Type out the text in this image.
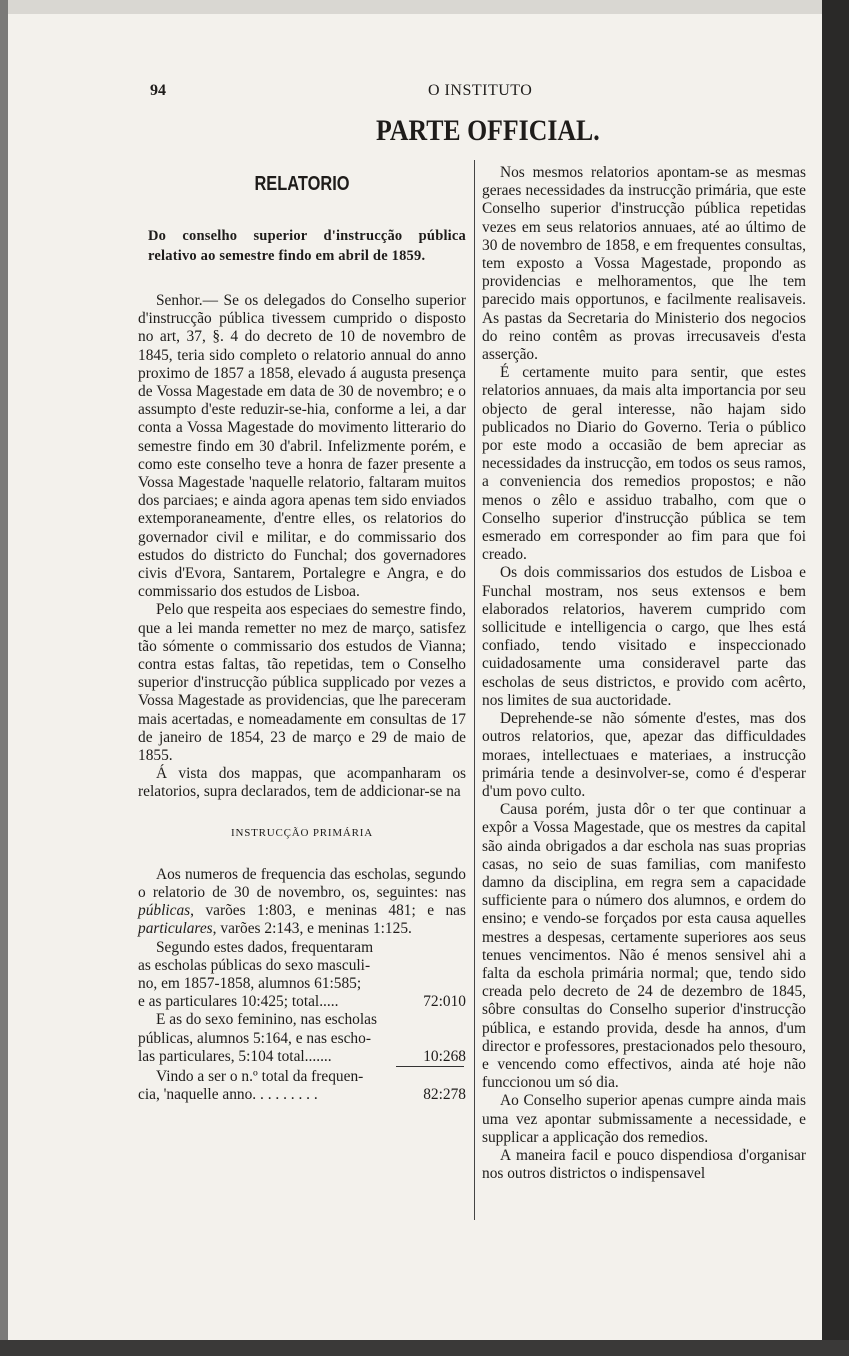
94	O INSTITUTO
PARTE OFFICIAL.
RELATORIO
Do conselho superior d'instrucção pública relativo ao semestre findo em abril de 1859.

Senhor.— Se os delegados do Conselho superior d'instrucção pública tivessem cumprido o disposto no art, 37, §. 4 do decreto de 10 de novembro de 1845, teria sido completo o relatorio annual do anno proximo de 1857 a 1858, elevado á augusta presença de Vossa Magestade em data de 30 de novembro; e o assumpto d'este reduzir-se-hia, conforme a lei, a dar conta a Vossa Magestade do movimento litterario do semestre findo em 30 d'abril. Infelizmente porém, e como este conselho teve a honra de fazer presente a Vossa Magestade 'naquelle relatorio, faltaram muitos dos parciaes; e ainda agora apenas tem sido enviados extemporaneamente, d'entre elles, os relatorios do governador civil e militar, e do commissario dos estudos do districto do Funchal; dos governadores civis d'Evora, Santarem, Portalegre e Angra, e do commissario dos estudos de Lisboa.

Pelo que respeita aos especiaes do semestre findo, que a lei manda remetter no mez de março, satisfez tão sómente o commissario dos estudos de Vianna; contra estas faltas, tão repetidas, tem o Conselho superior d'instrucção pública supplicado por vezes a Vossa Magestade as providencias, que lhe pareceram mais acertadas, e nomeadamente em consultas de 17 de janeiro de 1854, 23 de março e 29 de maio de 1855.

Á vista dos mappas, que acompanharam os relatorios, supra declarados, tem de addicionar-se na

INSTRUCÇÃO PRIMÁRIA

Aos numeros de frequencia das escholas, segundo o relatorio de 30 de novembro, os, seguintes: nas públicas, varões 1:803, e meninas 481; e nas particulares, varões 2:143, e meninas 1:125.

Segundo estes dados, frequentaram
as escholas públicas do sexo masculi-
no, em 1857-1858, alumnos 61:585;
e as particulares 10:425; total.....	72:010
E as do sexo feminino, nas escholas
públicas, alumnos 5:164, e nas escho-
las particulares, 5:104 total.......	10:268
Vindo a ser o n.º total da frequen-
cia, 'naquelle anno. . . . . . . . .	82:278

Nos mesmos relatorios apontam-se as mesmas geraes necessidades da instrucção primária, que este Conselho superior d'instrucção pública repetidas vezes em seus relatorios annuaes, até ao último de 30 de novembro de 1858, e em frequentes consultas, tem exposto a Vossa Magestade, propondo as providencias e melhoramentos, que lhe tem parecido mais opportunos, e facilmente realisaveis. As pastas da Secretaria do Ministerio dos negocios do reino contêm as provas irrecusaveis d'esta asserção.

É certamente muito para sentir, que estes relatorios annuaes, da mais alta importancia por seu objecto de geral interesse, não hajam sido publicados no Diario do Governo. Teria o público por este modo a occasião de bem apreciar as necessidades da instrucção, em todos os seus ramos, a conveniencia dos remedios propostos; e não menos o zêlo e assiduo trabalho, com que o Conselho superior d'instrucção pública se tem esmerado em corresponder ao fim para que foi creado.

Os dois commissarios dos estudos de Lisboa e Funchal mostram, nos seus extensos e bem elaborados relatorios, haverem cumprido com sollicitude e intelligencia o cargo, que lhes está confiado, tendo visitado e inspeccionado cuidadosamente uma consideravel parte das escholas de seus districtos, e provido com acêrto, nos limites de sua auctoridade.

Deprehende-se não sómente d'estes, mas dos outros relatorios, que, apezar das difficuldades moraes, intellectuaes e materiaes, a instrucção primária tende a desinvolver-se, como é d'esperar d'um povo culto.

Causa porém, justa dôr o ter que continuar a expôr a Vossa Magestade, que os mestres da capital são ainda obrigados a dar eschola nas suas proprias casas, no seio de suas familias, com manifesto damno da disciplina, em regra sem a capacidade sufficiente para o número dos alumnos, e ordem do ensino; e vendo-se forçados por esta causa aquelles mestres a despesas, certamente superiores aos seus tenues vencimentos. Não é menos sensivel ahi a falta da eschola primária normal; que, tendo sido creada pelo decreto de 24 de dezembro de 1845, sôbre consultas do Conselho superior d'instrucção pública, e estando provida, desde ha annos, d'um director e professores, prestacionados pelo thesouro, e vencendo como effectivos, ainda até hoje não funccionou um só dia.

Ao Conselho superior apenas cumpre ainda mais uma vez apontar submissamente a necessidade, e supplicar a applicação dos remedios.

A maneira facil e pouco dispendiosa d'organisar nos outros districtos o indispensavel
